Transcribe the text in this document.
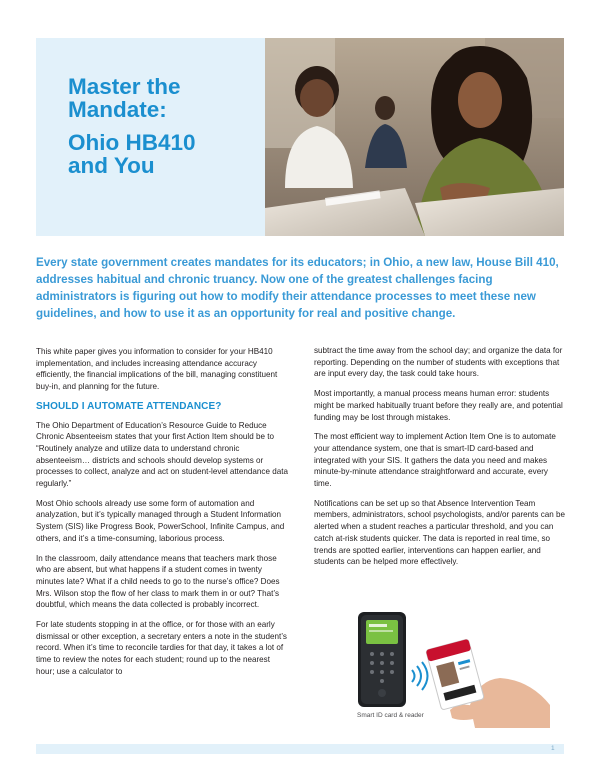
Master the
Mandate:
Ohio HB410
and You

Every state government creates mandates for its educators; in Ohio, a new law, House Bill 410, addresses habitual and chronic truancy. Now one of the greatest challenges facing administrators is figuring out how to modify their attendance processes to meet these new guidelines, and how to use it as an opportunity for real and positive change.

This white paper gives you information to consider for your HB410 implementation, and includes increasing attendance accuracy efficiently, the financial implications of the bill, managing constituent buy-in, and planning for the future.

SHOULD I AUTOMATE ATTENDANCE?

The Ohio Department of Education’s Resource Guide to Reduce Chronic Absenteeism states that your first Action Item should be to “Routinely analyze and utilize data to understand chronic absenteeism… districts and schools should develop systems or processes to collect, analyze and act on student-level attendance data regularly.”

Most Ohio schools already use some form of automation and analyzation, but it’s typically managed through a Student Information System (SIS) like Progress Book, PowerSchool, Infinite Campus, and others, and it’s a time-consuming, laborious process.

In the classroom, daily attendance means that teachers mark those who are absent, but what happens if a student comes in twenty minutes late? What if a child needs to go to the nurse’s office? Does Mrs. Wilson stop the flow of her class to mark them in or out? That’s doubtful, which means the data collected is probably incorrect.

For late students stopping in at the office, or for those with an early dismissal or other exception, a secretary enters a note in the student’s record. When it’s time to reconcile tardies for that day, it takes a lot of time to review the notes for each student; round up to the nearest hour; use a calculator to

subtract the time away from the school day; and organize the data for reporting. Depending on the number of students with exceptions that are input every day, the task could take hours.

Most importantly, a manual process means human error: students might be marked habitually truant before they really are, and potential funding may be lost through mistakes.

The most efficient way to implement Action Item One is to automate your attendance system, one that is smart-ID card-based and integrated with your SIS. It gathers the data you need and makes minute-by-minute attendance straightforward and accurate, every time.

Notifications can be set up so that Absence Intervention Team members, administrators, school psychologists, and/or parents can be alerted when a student reaches a particular threshold, and you can catch at-risk students quicker. The data is reported in real time, so trends are spotted earlier, interventions can happen earlier, and students can be helped more effectively.

Smart ID card & reader
1
